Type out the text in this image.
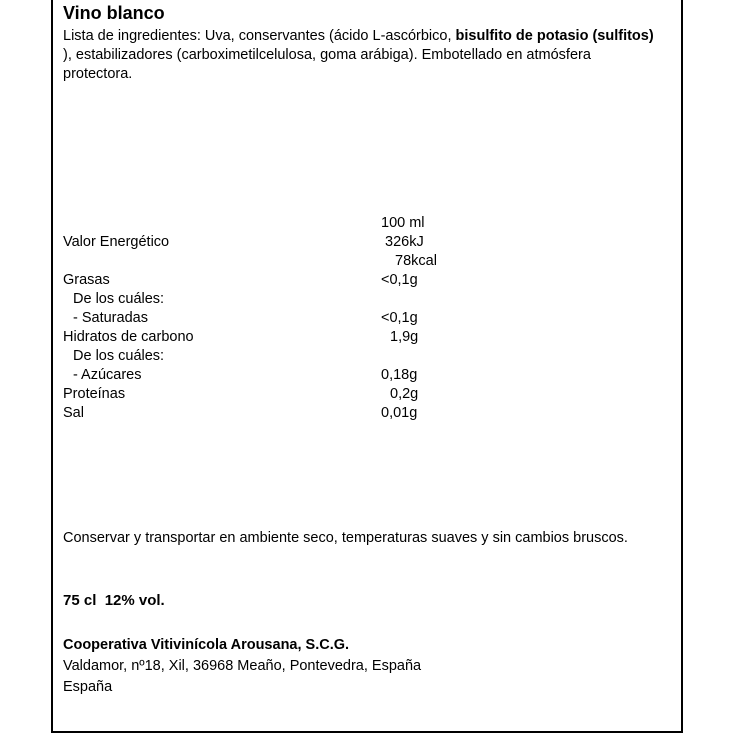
Vino blanco
Lista de ingredientes: Uva, conservantes (ácido L-ascórbico, bisulfito de potasio (sulfitos) ), estabilizadores (carboximetilcelulosa, goma arábiga). Embotellado en atmósfera protectora.
100 ml
Valor Energético	326kJ
78kcal
Grasas	<0,1g
De los cuáles:
- Saturadas	<0,1g
Hidratos de carbono	1,9g
De los cuáles:
- Azúcares	0,18g
Proteínas	0,2g
Sal	0,01g
Conservar y transportar en ambiente seco, temperaturas suaves y sin cambios bruscos.
75 cl  12% vol.
Cooperativa Vitivinícola Arousana, S.C.G.
Valdamor, nº18, Xil, 36968 Meaño, Pontevedra, España
España
